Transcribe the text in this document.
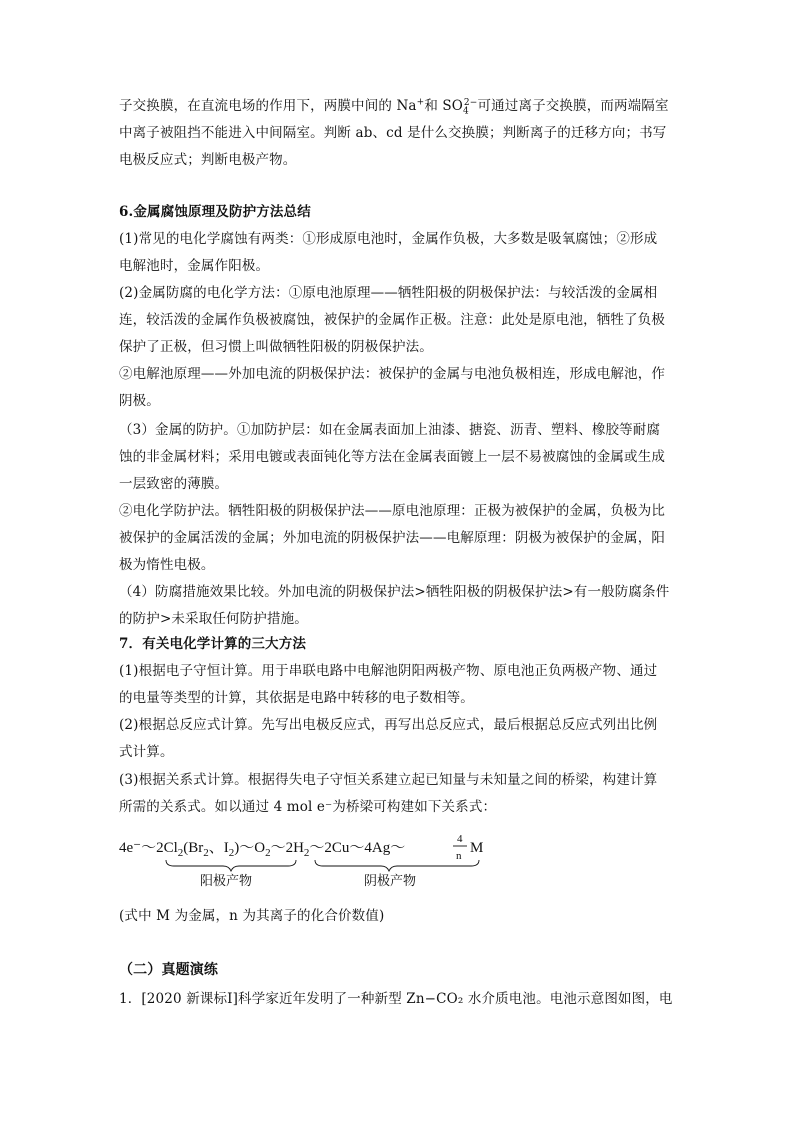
子交换膜，在直流电场的作用下，两膜中间的 Na+和 $SO_4^{2-}$可通过离子交换膜，而两端隔室
中离子被阻挡不能进入中间隔室。判断 ab、cd 是什么交换膜；判断离子的迁移方向；书写
电极反应式；判断电极产物。
6.金属腐蚀原理及防护方法总结
(1)常见的电化学腐蚀有两类：①形成原电池时，金属作负极，大多数是吸氧腐蚀；②形成
电解池时，金属作阳极。
(2)金属防腐的电化学方法：①原电池原理——牺牲阳极的阴极保护法：与较活泼的金属相
连，较活泼的金属作负极被腐蚀，被保护的金属作正极。注意：此处是原电池，牺牲了负极
保护了正极，但习惯上叫做牺牲阳极的阴极保护法。
②电解池原理——外加电流的阴极保护法：被保护的金属与电池负极相连，形成电解池，作
阴极。
（3）金属的防护。①加防护层：如在金属表面加上油漆、搪瓷、沥青、塑料、橡胶等耐腐
蚀的非金属材料；采用电镀或表面钝化等方法在金属表面镀上一层不易被腐蚀的金属或生成
一层致密的薄膜。
②电化学防护法。牺牲阳极的阴极保护法——原电池原理：正极为被保护的金属，负极为比
被保护的金属活泼的金属；外加电流的阴极保护法——电解原理：阴极为被保护的金属，阳
极为惰性电极。
（4）防腐措施效果比较。外加电流的阴极保护法>牺牲阳极的阴极保护法>有一般防腐条件
的防护>未采取任何防护措施。
7．有关电化学计算的三大方法
(1)根据电子守恒计算。用于串联电路中电解池阴阳两极产物、原电池正负两极产物、通过
的电量等类型的计算，其依据是电路中转移的电子数相等。
(2)根据总反应式计算。先写出电极反应式，再写出总反应式，最后根据总反应式列出比例
式计算。
(3)根据关系式计算。根据得失电子守恒关系建立起已知量与未知量之间的桥梁，构建计算
所需的关系式。如以通过 4 mol e⁻为桥梁可构建如下关系式：
$4e^-\sim 2Cl_2(Br_2$、$I_2)\sim O_2\sim 2H_2\sim 2Cu\sim 4Ag\sim$
4
n M
阳极产物	阴极产物
(式中 M 为金属，n 为其离子的化合价数值)
（二）真题演练
1．[2020 新课标Ⅰ]科学家近年发明了一种新型 Zn−CO₂ 水介质电池。电池示意图如图，电
